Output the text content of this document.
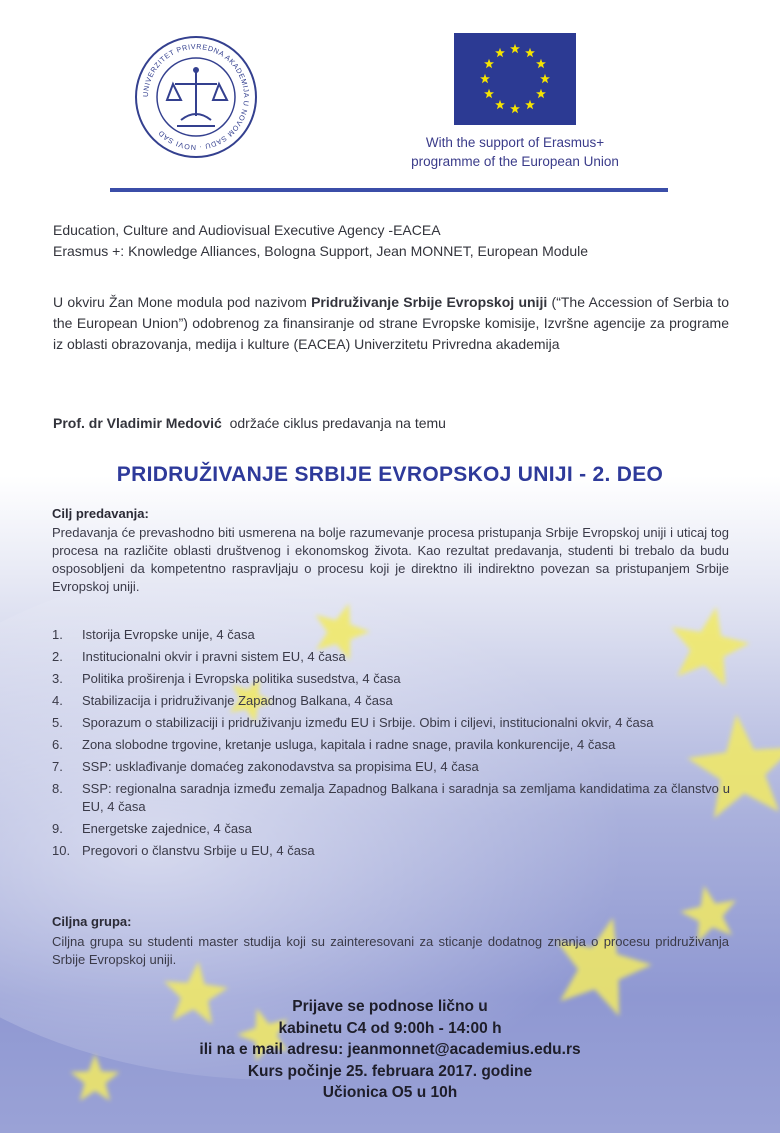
UNIVERZITET PRIVREDNA AKADEMIJA U NOVOM SADU · NOVI SAD
With the support of Erasmus+
programme of the European Union
Education, Culture and Audiovisual Executive Agency -EACEA
Erasmus +: Knowledge Alliances, Bologna Support, Jean MONNET, European Module
U okviru Žan Mone modula pod nazivom Pridruživanje Srbije Evropskoj uniji (“The Accession of Serbia to the European Union”) odobrenog za finansiranje od strane Evropske komisije, Izvršne agencije za programe iz oblasti obrazovanja, medija i kulture (EACEA) Univerzitetu Privredna akademija
Prof. dr Vladimir Medović  održaće ciklus predavanja na temu
PRIDRUŽIVANJE SRBIJE EVROPSKOJ UNIJI - 2. DEO
Cilj predavanja:
Predavanja će prevashodno biti usmerena na bolje razumevanje procesa pristupanja Srbije Evropskoj uniji i uticaj tog procesa na različite oblasti društvenog i ekonomskog života. Kao rezultat predavanja, studenti bi trebalo da budu osposobljeni da kompetentno raspravljaju o procesu koji je direktno ili indirektno povezan sa pristupanjem Srbije Evropskoj uniji.
1.	Istorija Evropske unije, 4 časa
2.	Institucionalni okvir i pravni sistem EU, 4 časa
3.	Politika proširenja i Evropska politika susedstva, 4 časa
4.	Stabilizacija i pridruživanje Zapadnog Balkana, 4 časa
5.	Sporazum o stabilizaciji i pridruživanju između EU i Srbije. Obim i ciljevi, institucionalni okvir, 4 časa
6.	Zona slobodne trgovine, kretanje usluga, kapitala i radne snage, pravila konkurencije, 4 časa
7.	SSP: usklađivanje domaćeg zakonodavstva sa propisima EU, 4 časa
8.	SSP: regionalna saradnja između zemalja Zapadnog Balkana i saradnja sa zemljama kandidatima za članstvo u EU, 4 časa
9.	Energetske zajednice, 4 časa
10. Pregovori o članstvu Srbije u EU, 4 časa
Ciljna grupa:
Ciljna grupa su studenti master studija koji su zainteresovani za sticanje dodatnog znanja o procesu pridruživanja Srbije Evropskoj uniji.
Prijave se podnose lično u
kabinetu C4 od 9:00h - 14:00 h
ili na e mail adresu: jeanmonnet@academius.edu.rs
Kurs počinje 25. februara 2017. godine
Učionica O5 u 10h
